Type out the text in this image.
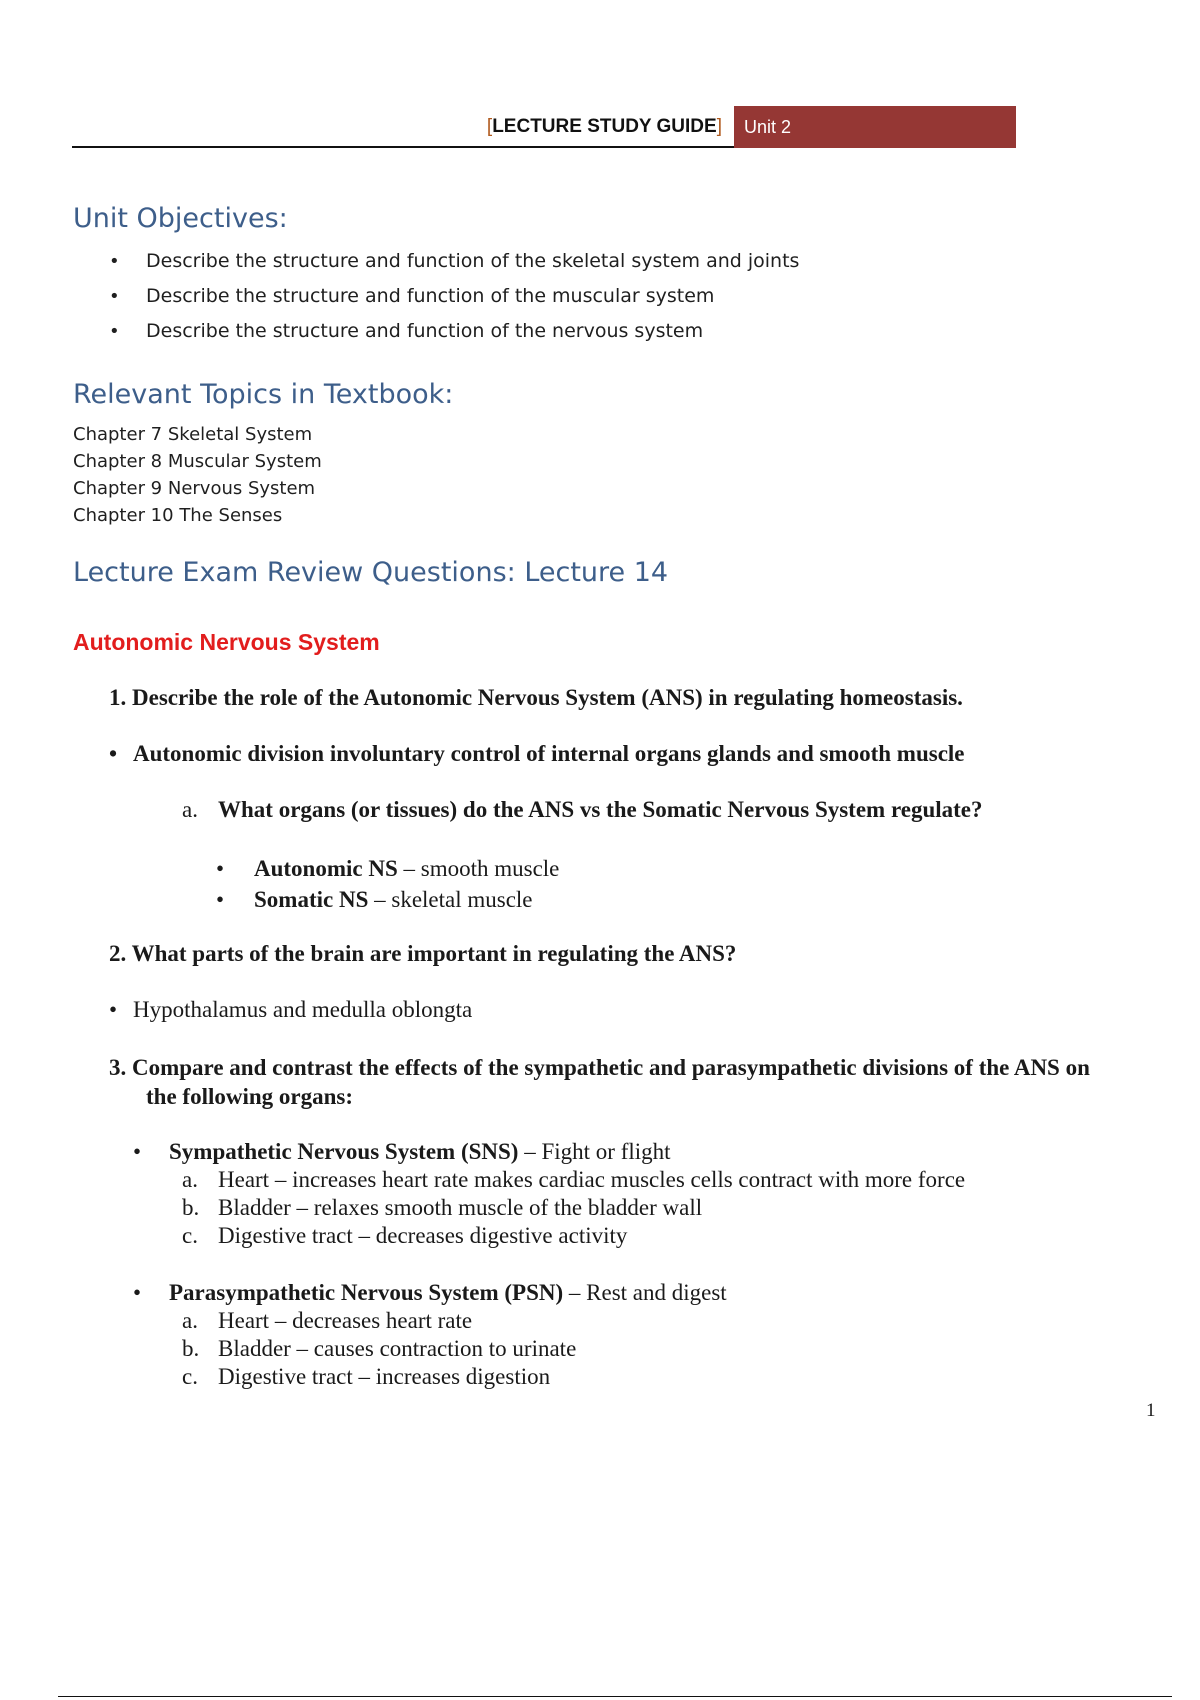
[LECTURE STUDY GUIDE]	Unit 2
Unit Objectives:
• Describe the structure and function of the skeletal system and joints
• Describe the structure and function of the muscular system
• Describe the structure and function of the nervous system
Relevant Topics in Textbook:
Chapter 7 Skeletal System
Chapter 8 Muscular System
Chapter 9 Nervous System
Chapter 10 The Senses
Lecture Exam Review Questions: Lecture 14
Autonomic Nervous System
1. Describe the role of the Autonomic Nervous System (ANS) in regulating homeostasis.
• Autonomic division involuntary control of internal organs glands and smooth muscle
a. What organs (or tissues) do the ANS vs the Somatic Nervous System regulate?
• Autonomic NS – smooth muscle
• Somatic NS – skeletal muscle
2. What parts of the brain are important in regulating the ANS?
• Hypothalamus and medulla oblongta
3. Compare and contrast the effects of the sympathetic and parasympathetic divisions of the ANS on
the following organs:
• Sympathetic Nervous System (SNS) – Fight or flight
a. Heart – increases heart rate makes cardiac muscles cells contract with more force
b. Bladder – relaxes smooth muscle of the bladder wall
c. Digestive tract – decreases digestive activity
• Parasympathetic Nervous System (PSN) – Rest and digest
a. Heart – decreases heart rate
b. Bladder – causes contraction to urinate
c. Digestive tract – increases digestion
1
